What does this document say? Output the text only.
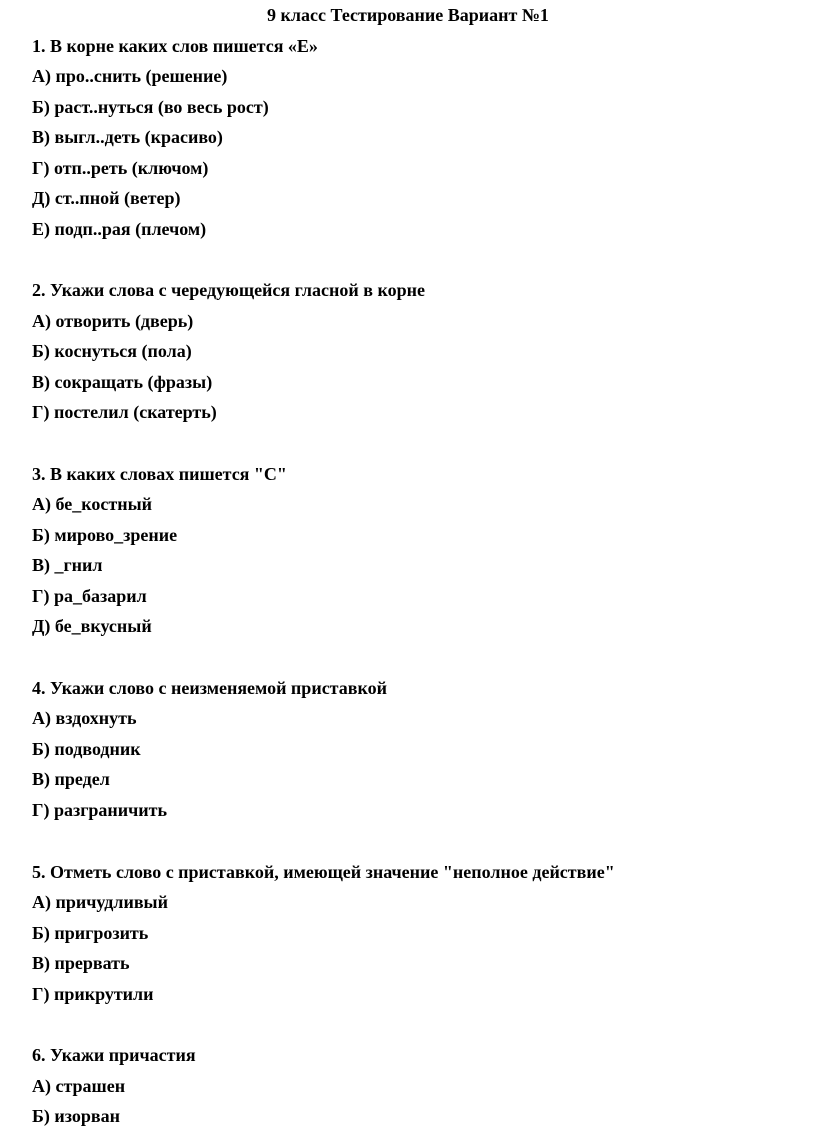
9 класс Тестирование Вариант №1
1. В корне каких слов пишется «Е»
А) про..снить (решение)
Б) раст..нуться (во весь рост)
В) выгл..деть (красиво)
Г) отп..реть (ключом)
Д) ст..пной (ветер)
Е) подп..рая (плечом)
2. Укажи слова с чередующейся гласной в корне
А) отворить (дверь)
Б) коснуться (пола)
В) сокращать (фразы)
Г) постелил (скатерть)
3. В каких словах пишется "С"
А) бе_костный
Б) мирово_зрение
В) _гнил
Г) ра_базарил
Д) бе_вкусный
4. Укажи слово с неизменяемой приставкой
А) вздохнуть
Б) подводник
В) предел
Г) разграничить
5. Отметь слово с приставкой, имеющей значение "неполное действие"
А) причудливый
Б) пригрозить
В) прервать
Г) прикрутили
6. Укажи причастия
А) страшен
Б) изорван
